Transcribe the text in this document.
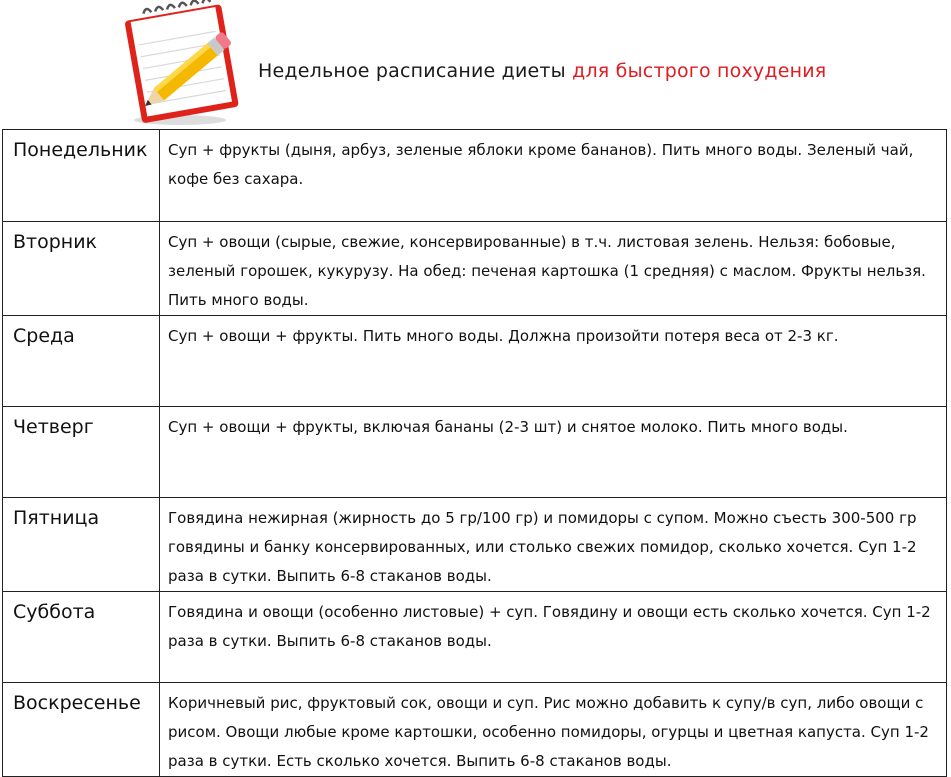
Недельное расписание диеты для быстрого похудения
Понедельник	Суп + фрукты (дыня, арбуз, зеленые яблоки кроме бананов). Пить много воды. Зеленый чай, кофе без сахара.
Вторник	Суп + овощи (сырые, свежие, консервированные) в т.ч. листовая зелень. Нельзя: бобовые, зеленый горошек, кукурузу. На обед: печеная картошка (1 средняя) с маслом. Фрукты нельзя. Пить много воды.
Среда	Суп + овощи + фрукты. Пить много воды. Должна произойти потеря веса от 2-3 кг.
Четверг	Суп + овощи + фрукты, включая бананы (2-3 шт) и снятое молоко. Пить много воды.
Пятница	Говядина нежирная (жирность до 5 гр/100 гр) и помидоры с супом. Можно съесть 300-500 гр говядины и банку консервированных, или столько свежих помидор, сколько хочется. Суп 1-2 раза в сутки. Выпить 6-8 стаканов воды.
Суббота	Говядина и овощи (особенно листовые) + суп. Говядину и овощи есть сколько хочется. Суп 1-2 раза в сутки. Выпить 6-8 стаканов воды.
Воскресенье	Коричневый рис, фруктовый сок, овощи и суп. Рис можно добавить к супу/в суп, либо овощи с рисом. Овощи любые кроме картошки, особенно помидоры, огурцы и цветная капуста. Суп 1-2 раза в сутки. Есть сколько хочется. Выпить 6-8 стаканов воды.
